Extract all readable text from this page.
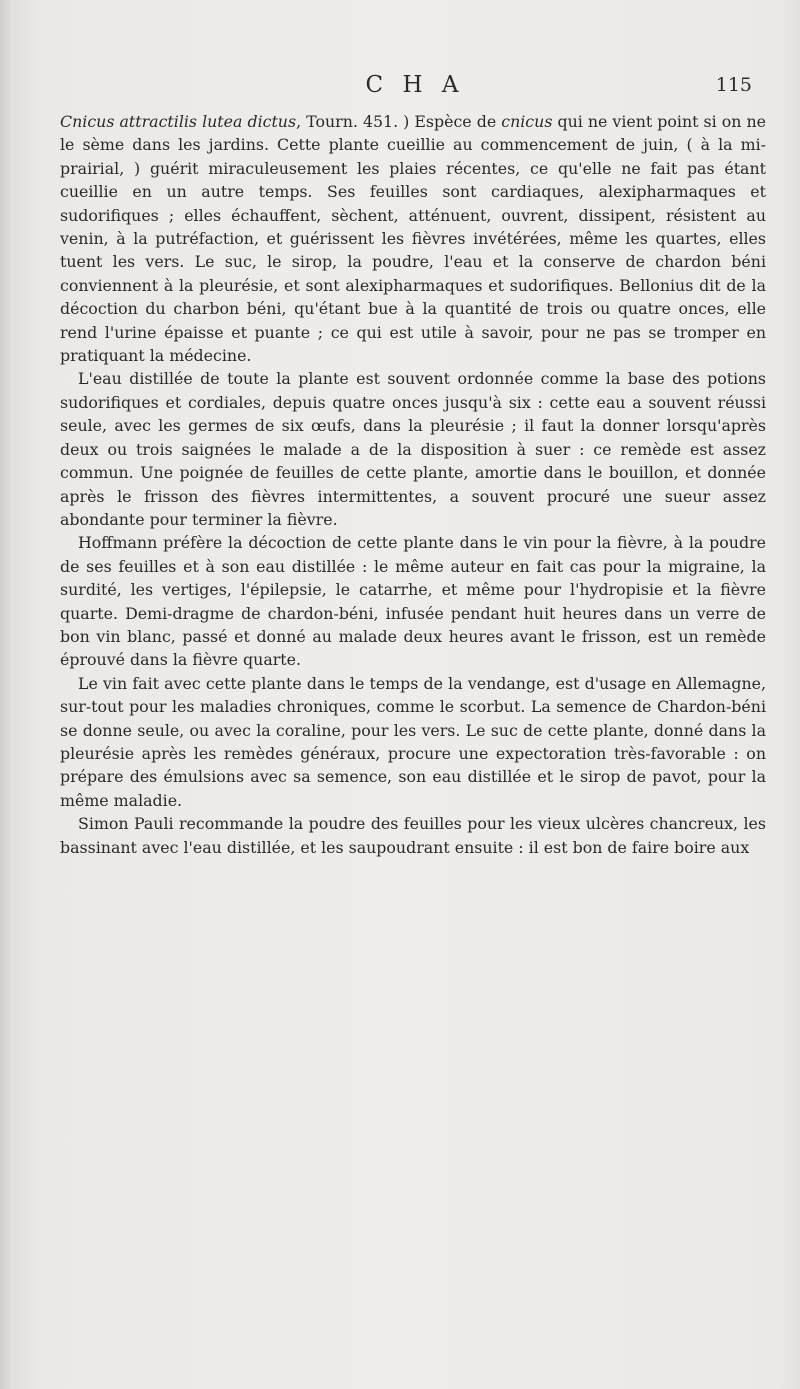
C H A	115

Cnicus attractilis lutea dictus, Tourn. 451. ) Espèce de cnicus qui ne vient point si on ne le sème dans les jardins. Cette plante cueillie au commencement de juin, ( à la mi-prairial, ) guérit miraculeusement les plaies récentes, ce qu'elle ne fait pas étant cueillie en un autre temps. Ses feuilles sont cardiaques, alexipharmaques et sudorifiques ; elles échauffent, sèchent, atténuent, ouvrent, dissipent, résistent au venin, à la putréfaction, et guérissent les fièvres invétérées, même les quartes, elles tuent les vers. Le suc, le sirop, la poudre, l'eau et la conserve de chardon béni conviennent à la pleurésie, et sont alexipharmaques et sudorifiques. Bellonius dit de la décoction du charbon béni, qu'étant bue à la quantité de trois ou quatre onces, elle rend l'urine épaisse et puante ; ce qui est utile à savoir, pour ne pas se tromper en pratiquant la médecine.

L'eau distillée de toute la plante est souvent ordonnée comme la base des potions sudorifiques et cordiales, depuis quatre onces jusqu'à six : cette eau a souvent réussi seule, avec les germes de six œufs, dans la pleurésie ; il faut la donner lorsqu'après deux ou trois saignées le malade a de la disposition à suer : ce remède est assez commun. Une poignée de feuilles de cette plante, amortie dans le bouillon, et donnée après le frisson des fièvres intermittentes, a souvent procuré une sueur assez abondante pour terminer la fièvre.

Hoffmann préfère la décoction de cette plante dans le vin pour la fièvre, à la poudre de ses feuilles et à son eau distillée : le même auteur en fait cas pour la migraine, la surdité, les vertiges, l'épilepsie, le catarrhe, et même pour l'hydropisie et la fièvre quarte. Demi-dragme de chardon-béni, infusée pendant huit heures dans un verre de bon vin blanc, passé et donné au malade deux heures avant le frisson, est un remède éprouvé dans la fièvre quarte.

Le vin fait avec cette plante dans le temps de la vendange, est d'usage en Allemagne, sur-tout pour les maladies chroniques, comme le scorbut. La semence de Chardon-béni se donne seule, ou avec la coraline, pour les vers. Le suc de cette plante, donné dans la pleurésie après les remèdes généraux, procure une expectoration très-favorable : on prépare des émulsions avec sa semence, son eau distillée et le sirop de pavot, pour la même maladie.

Simon Pauli recommande la poudre des feuilles pour les vieux ulcères chancreux, les bassinant avec l'eau distillée, et les saupoudrant ensuite : il est bon de faire boire aux
